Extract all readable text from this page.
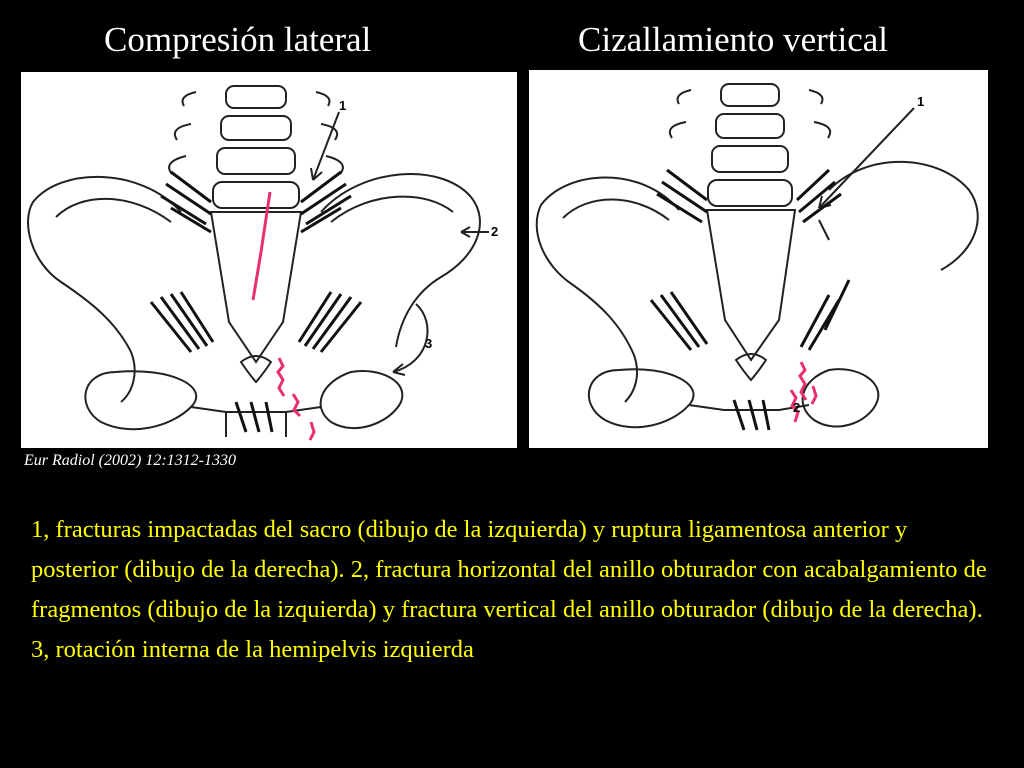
Compresión lateral	Cizallamiento vertical
1
2
3
1
2
Eur Radiol (2002) 12:1312-1330
1, fracturas impactadas del sacro (dibujo de la izquierda) y ruptura ligamentosa anterior y posterior (dibujo de la derecha). 2, fractura horizontal del anillo obturador con acabalgamiento de fragmentos (dibujo de la izquierda) y fractura vertical del anillo obturador (dibujo de la derecha). 3, rotación interna de la hemipelvis izquierda
